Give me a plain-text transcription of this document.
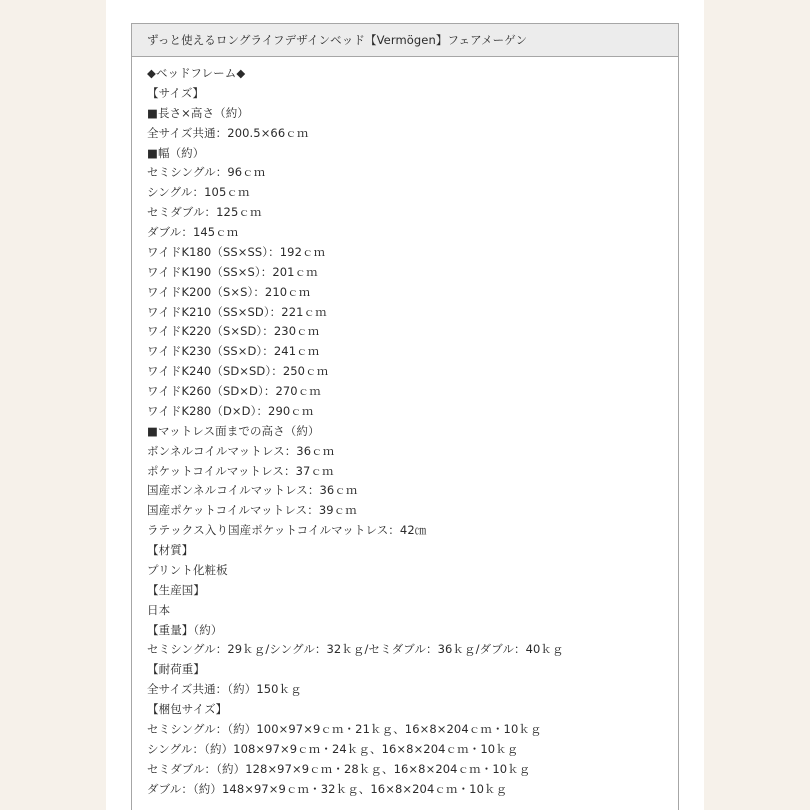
ずっと使えるロングライフデザインベッド【Vermögen】フェアメーゲン
◆ベッドフレーム◆
【サイズ】
■長さ×高さ（約）
全サイズ共通：200.5×66ｃｍ
■幅（約）
セミシングル：96ｃｍ
シングル：105ｃｍ
セミダブル：125ｃｍ
ダブル：145ｃｍ
ワイドK180（SS×SS）：192ｃｍ
ワイドK190（SS×S）：201ｃｍ
ワイドK200（S×S）：210ｃｍ
ワイドK210（SS×SD）：221ｃｍ
ワイドK220（S×SD）：230ｃｍ
ワイドK230（SS×D）：241ｃｍ
ワイドK240（SD×SD）：250ｃｍ
ワイドK260（SD×D）：270ｃｍ
ワイドK280（D×D）：290ｃｍ
■マットレス面までの高さ（約）
ボンネルコイルマットレス：36ｃｍ
ポケットコイルマットレス：37ｃｍ
国産ボンネルコイルマットレス：36ｃｍ
国産ポケットコイルマットレス：39ｃｍ
ラテックス入り国産ポケットコイルマットレス：42㎝
【材質】
プリント化粧板
【生産国】
日本
【重量】（約）
セミシングル：29ｋｇ/シングル：32ｋｇ/セミダブル：36ｋｇ/ダブル：40ｋｇ
【耐荷重】
全サイズ共通：（約）150ｋｇ
【梱包サイズ】
セミシングル：（約）100×97×9ｃｍ・21ｋｇ、16×8×204ｃｍ・10ｋｇ
シングル：（約）108×97×9ｃｍ・24ｋｇ、16×8×204ｃｍ・10ｋｇ
セミダブル：（約）128×97×9ｃｍ・28ｋｇ、16×8×204ｃｍ・10ｋｇ
ダブル：（約）148×97×9ｃｍ・32ｋｇ、16×8×204ｃｍ・10ｋｇ
